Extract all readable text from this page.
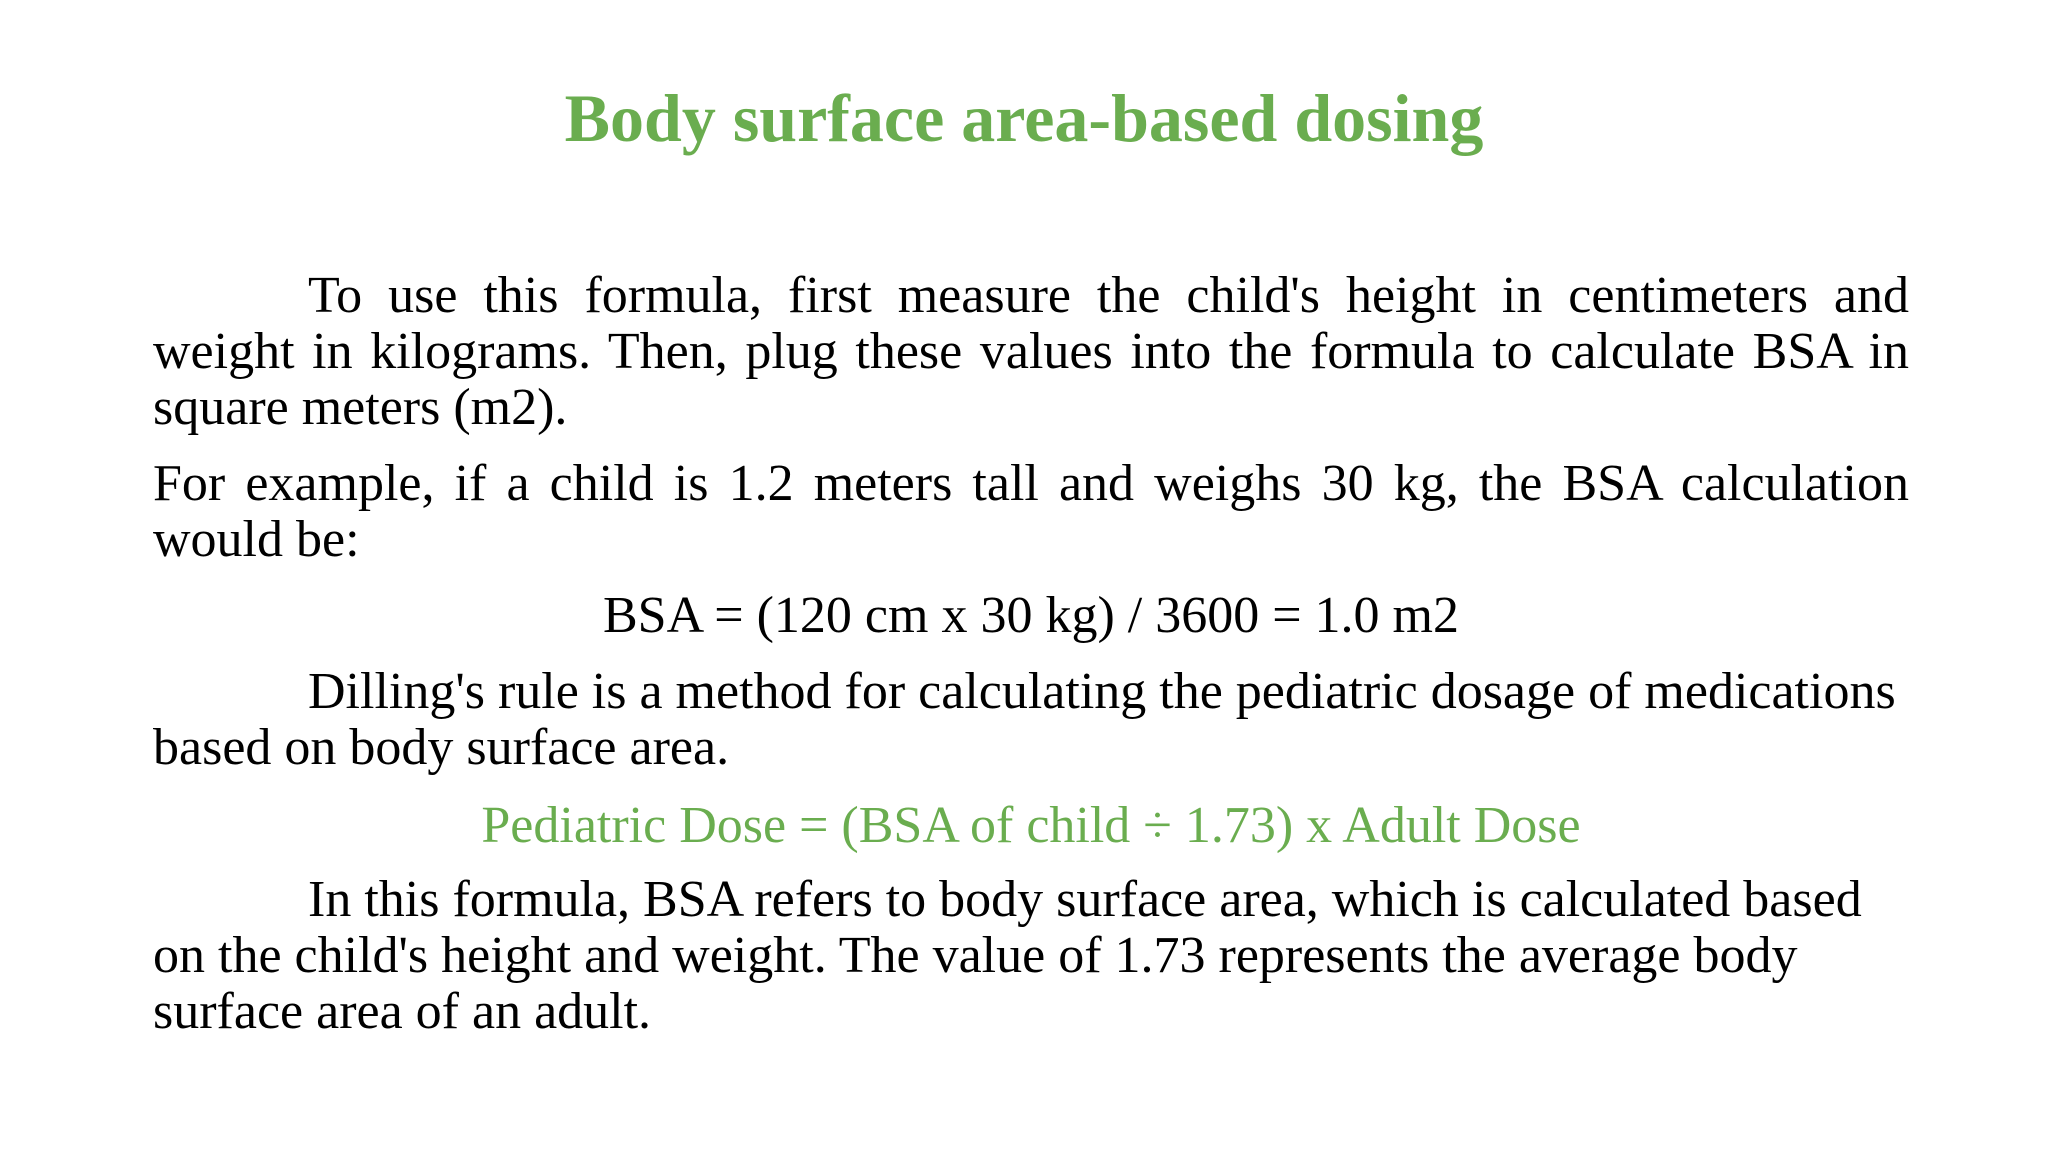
Body surface area-based dosing

To use this formula, first measure the child's height in centimeters and weight in kilograms. Then, plug these values into the formula to calculate BSA in square meters (m2).

For example, if a child is 1.2 meters tall and weighs 30 kg, the BSA calculation would be:

BSA = (120 cm x 30 kg) / 3600 = 1.0 m2

Dilling's rule is a method for calculating the pediatric dosage of medications based on body surface area.

Pediatric Dose = (BSA of child ÷ 1.73) x Adult Dose

In this formula, BSA refers to body surface area, which is calculated based on the child's height and weight. The value of 1.73 represents the average body surface area of an adult.
